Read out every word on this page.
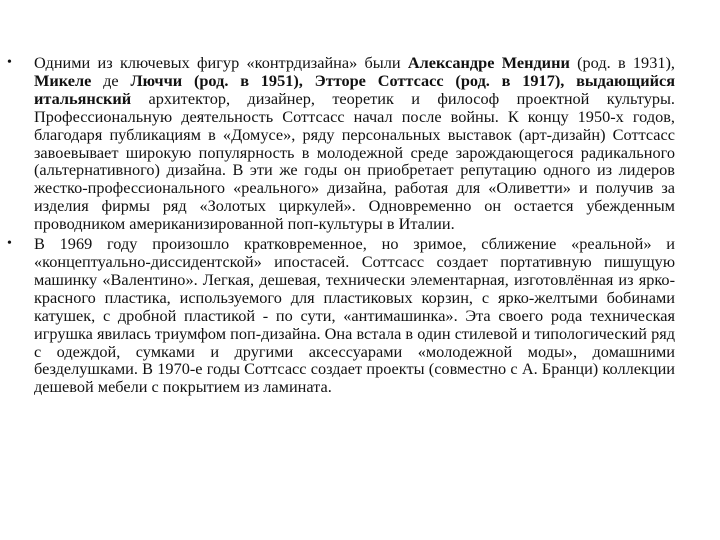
• Одними из ключевых фигур «контрдизайна» были Александре Мендини (род. в 1931), Микеле де Люччи (род. в 1951), Этторе Соттсасс (род. в 1917), выдающийся итальянский архитектор, дизайнер, теоретик и философ проектной культуры. Профессиональную деятельность Соттсасс начал после войны. К концу 1950-х годов, благодаря публикациям в «Домусе», ряду персональных выставок (арт-дизайн) Соттсасс завоевывает широкую популярность в молодежной среде зарождающегося радикального (альтернативного) дизайна. В эти же годы он приобретает репутацию одного из лидеров жестко-профессионального «реального» дизайна, работая для «Оливетти» и получив за изделия фирмы ряд «Золотых циркулей». Одновременно он остается убежденным проводником американизированной поп-культуры в Италии.
• В 1969 году произошло кратковременное, но зримое, сближение «реальной» и «концептуально-диссидентской» ипостасей. Соттсасс создает портативную пишущую машинку «Валентино». Легкая, дешевая, технически элементарная, изготовлённая из ярко-красного пластика, используемого для пластиковых корзин, с ярко-желтыми бобинами катушек, с дробной пластикой - по сути, «антимашинка». Эта своего рода техническая игрушка явилась триумфом поп-дизайна. Она встала в один стилевой и типологический ряд с одеждой, сумками и другими аксессуарами «молодежной моды», домашними безделушками. В 1970-е годы Соттсасс создает проекты (совместно с А. Бранци) коллекции дешевой мебели с покрытием из ламината.
